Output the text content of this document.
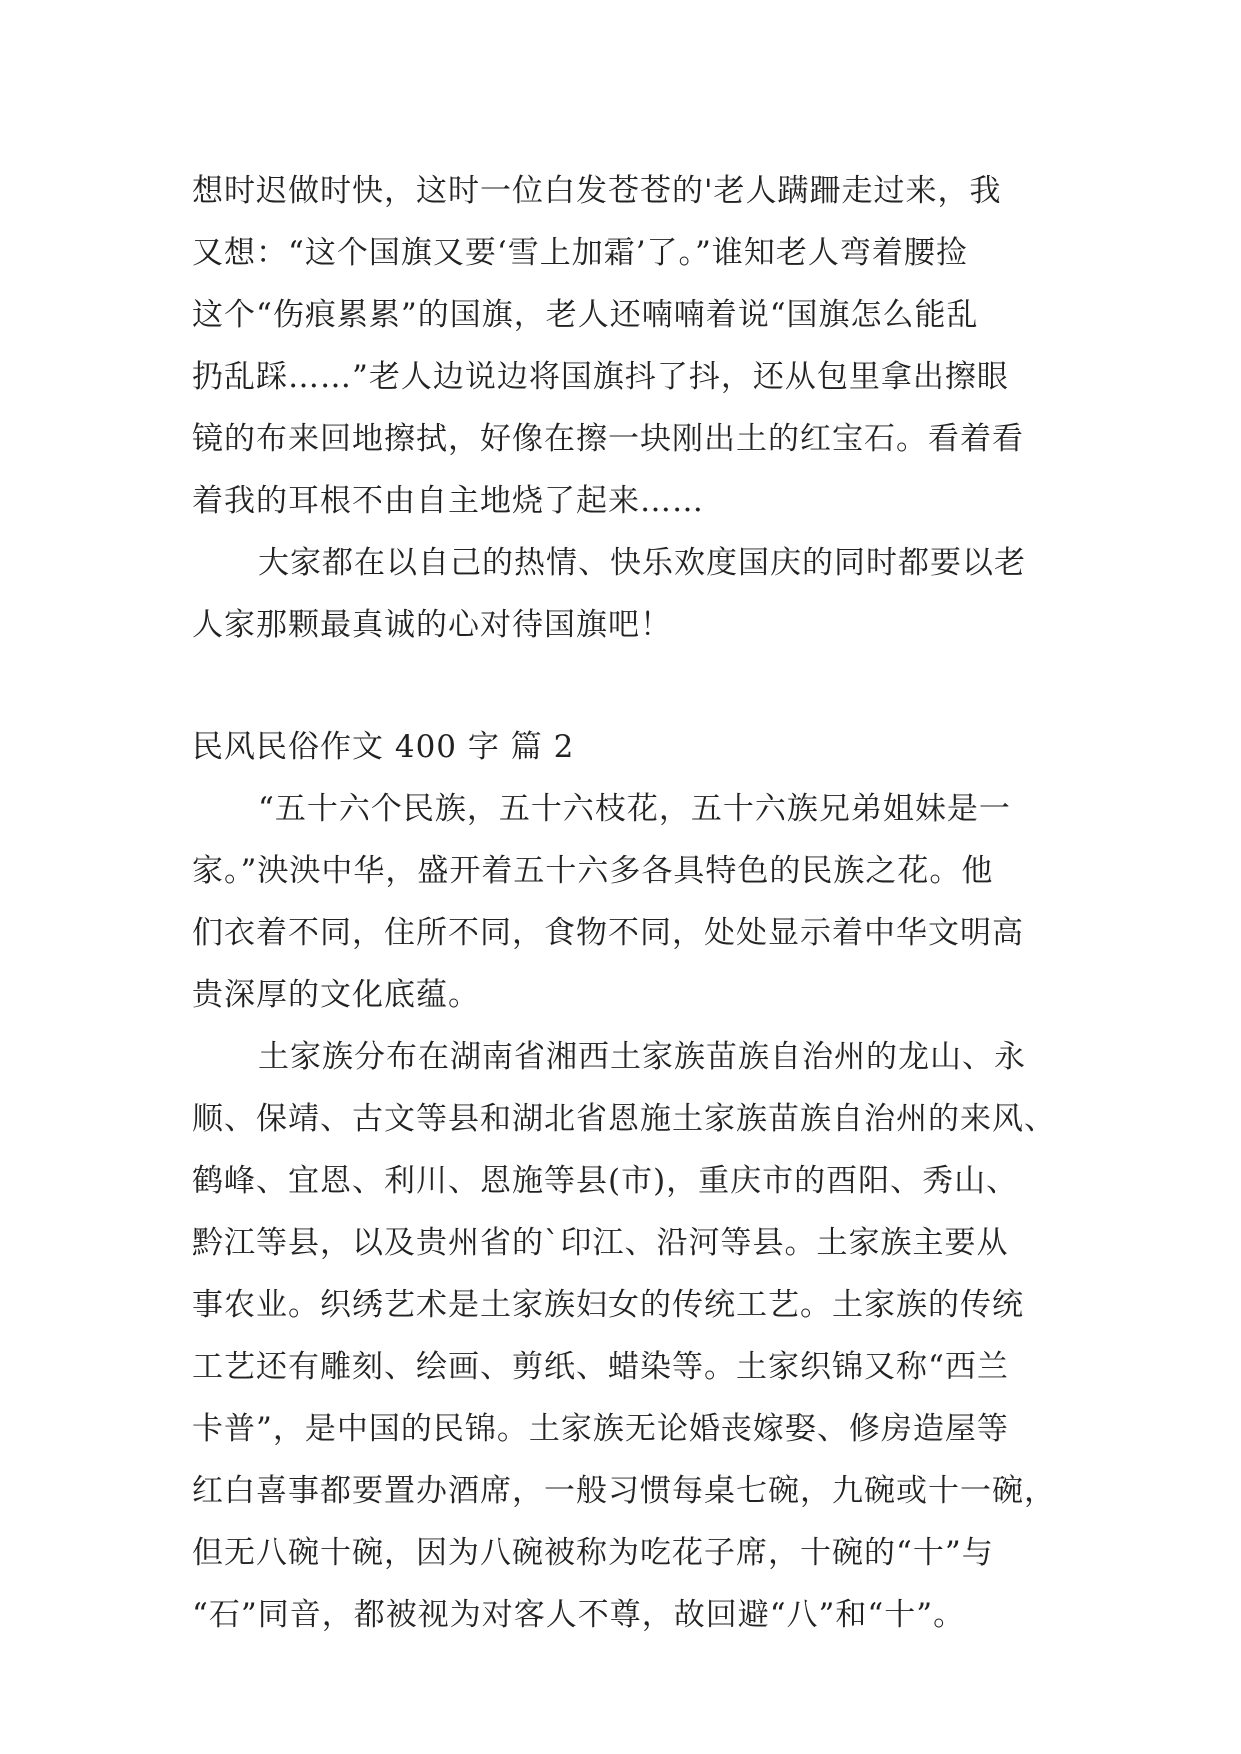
想时迟做时快，这时一位白发苍苍的'老人蹒跚走过来，我
又想：“这个国旗又要‘雪上加霜’了。”谁知老人弯着腰捡
这个“伤痕累累”的国旗，老人还喃喃着说“国旗怎么能乱
扔乱踩……”老人边说边将国旗抖了抖，还从包里拿出擦眼
镜的布来回地擦拭，好像在擦一块刚出土的红宝石。看着看
着我的耳根不由自主地烧了起来……
大家都在以自己的热情、快乐欢度国庆的同时都要以老
人家那颗最真诚的心对待国旗吧！
民风民俗作文 400 字 篇 2
“五十六个民族，五十六枝花，五十六族兄弟姐妹是一
家。”泱泱中华，盛开着五十六多各具特色的民族之花。他
们衣着不同，住所不同，食物不同，处处显示着中华文明高
贵深厚的文化底蕴。
土家族分布在湖南省湘西土家族苗族自治州的龙山、永
顺、保靖、古文等县和湖北省恩施土家族苗族自治州的来风、
鹤峰、宜恩、利川、恩施等县(市)，重庆市的酉阳、秀山、
黔江等县，以及贵州省的`印江、沿河等县。土家族主要从
事农业。织绣艺术是土家族妇女的传统工艺。土家族的传统
工艺还有雕刻、绘画、剪纸、蜡染等。土家织锦又称“西兰
卡普”，是中国的民锦。土家族无论婚丧嫁娶、修房造屋等
红白喜事都要置办酒席，一般习惯每桌七碗，九碗或十一碗，
但无八碗十碗，因为八碗被称为吃花子席，十碗的“十”与
“石”同音，都被视为对客人不尊，故回避“八”和“十”。
